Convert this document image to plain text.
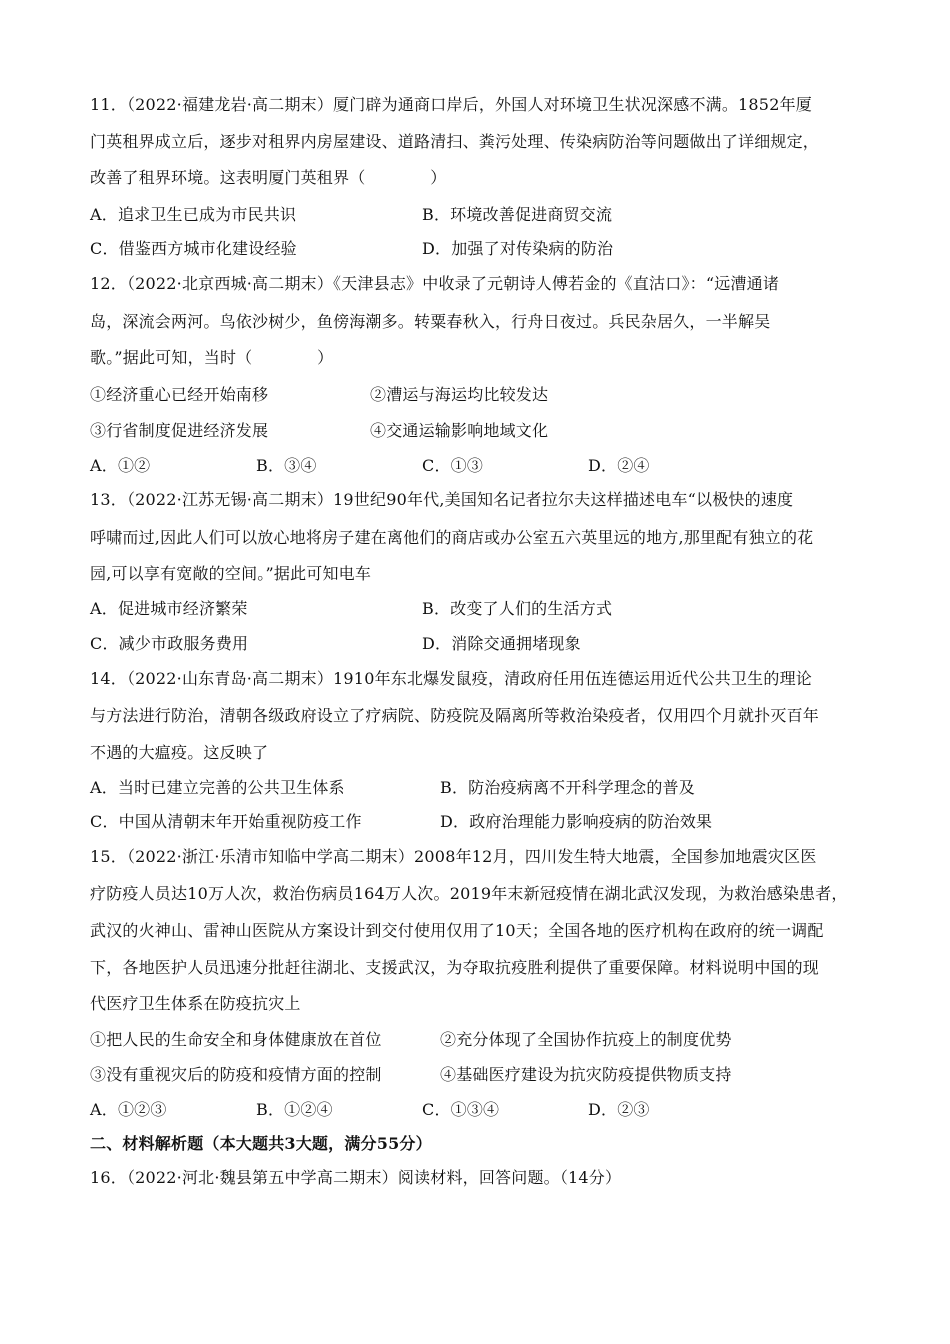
11．（2022·福建龙岩·高二期末）厦门辟为通商口岸后，外国人对环境卫生状况深感不满。1852年厦
门英租界成立后，逐步对租界内房屋建设、道路清扫、粪污处理、传染病防治等问题做出了详细规定，
改善了租界环境。这表明厦门英租界（　　　　）
A．追求卫生已成为市民共识	B．环境改善促进商贸交流
C．借鉴西方城市化建设经验	D．加强了对传染病的防治
12．（2022·北京西城·高二期末）《天津县志》中收录了元朝诗人傅若金的《直沽口》：“远漕通诸
岛，深流会两河。鸟依沙树少，鱼傍海潮多。转粟春秋入，行舟日夜过。兵民杂居久，一半解吴
歌。”据此可知，当时（　　　　）
①经济重心已经开始南移	②漕运与海运均比较发达
③行省制度促进经济发展	④交通运输影响地域文化
A．①②	B．③④	C．①③	D．②④
13．（2022·江苏无锡·高二期末）19世纪90年代,美国知名记者拉尔夫这样描述电车“以极快的速度
呼啸而过,因此人们可以放心地将房子建在离他们的商店或办公室五六英里远的地方,那里配有独立的花
园,可以享有宽敞的空间。”据此可知电车
A．促进城市经济繁荣	B．改变了人们的生活方式
C．减少市政服务费用	D．消除交通拥堵现象
14．（2022·山东青岛·高二期末）1910年东北爆发鼠疫，清政府任用伍连德运用近代公共卫生的理论
与方法进行防治，清朝各级政府设立了疗病院、防疫院及隔离所等救治染疫者，仅用四个月就扑灭百年
不遇的大瘟疫。这反映了
A．当时已建立完善的公共卫生体系	B．防治疫病离不开科学理念的普及
C．中国从清朝末年开始重视防疫工作	D．政府治理能力影响疫病的防治效果
15．（2022·浙江·乐清市知临中学高二期末）2008年12月，四川发生特大地震，全国参加地震灾区医
疗防疫人员达10万人次，救治伤病员164万人次。2019年末新冠疫情在湖北武汉发现，为救治感染患者，
武汉的火神山、雷神山医院从方案设计到交付使用仅用了10天；全国各地的医疗机构在政府的统一调配
下，各地医护人员迅速分批赶往湖北、支援武汉，为夺取抗疫胜利提供了重要保障。材料说明中国的现
代医疗卫生体系在防疫抗灾上
①把人民的生命安全和身体健康放在首位	②充分体现了全国协作抗疫上的制度优势
③没有重视灾后的防疫和疫情方面的控制	④基础医疗建设为抗灾防疫提供物质支持
A．①②③	B．①②④	C．①③④	D．②③
二、材料解析题（本大题共3大题，满分55分）
16．（2022·河北·魏县第五中学高二期末）阅读材料，回答问题。（14分）
